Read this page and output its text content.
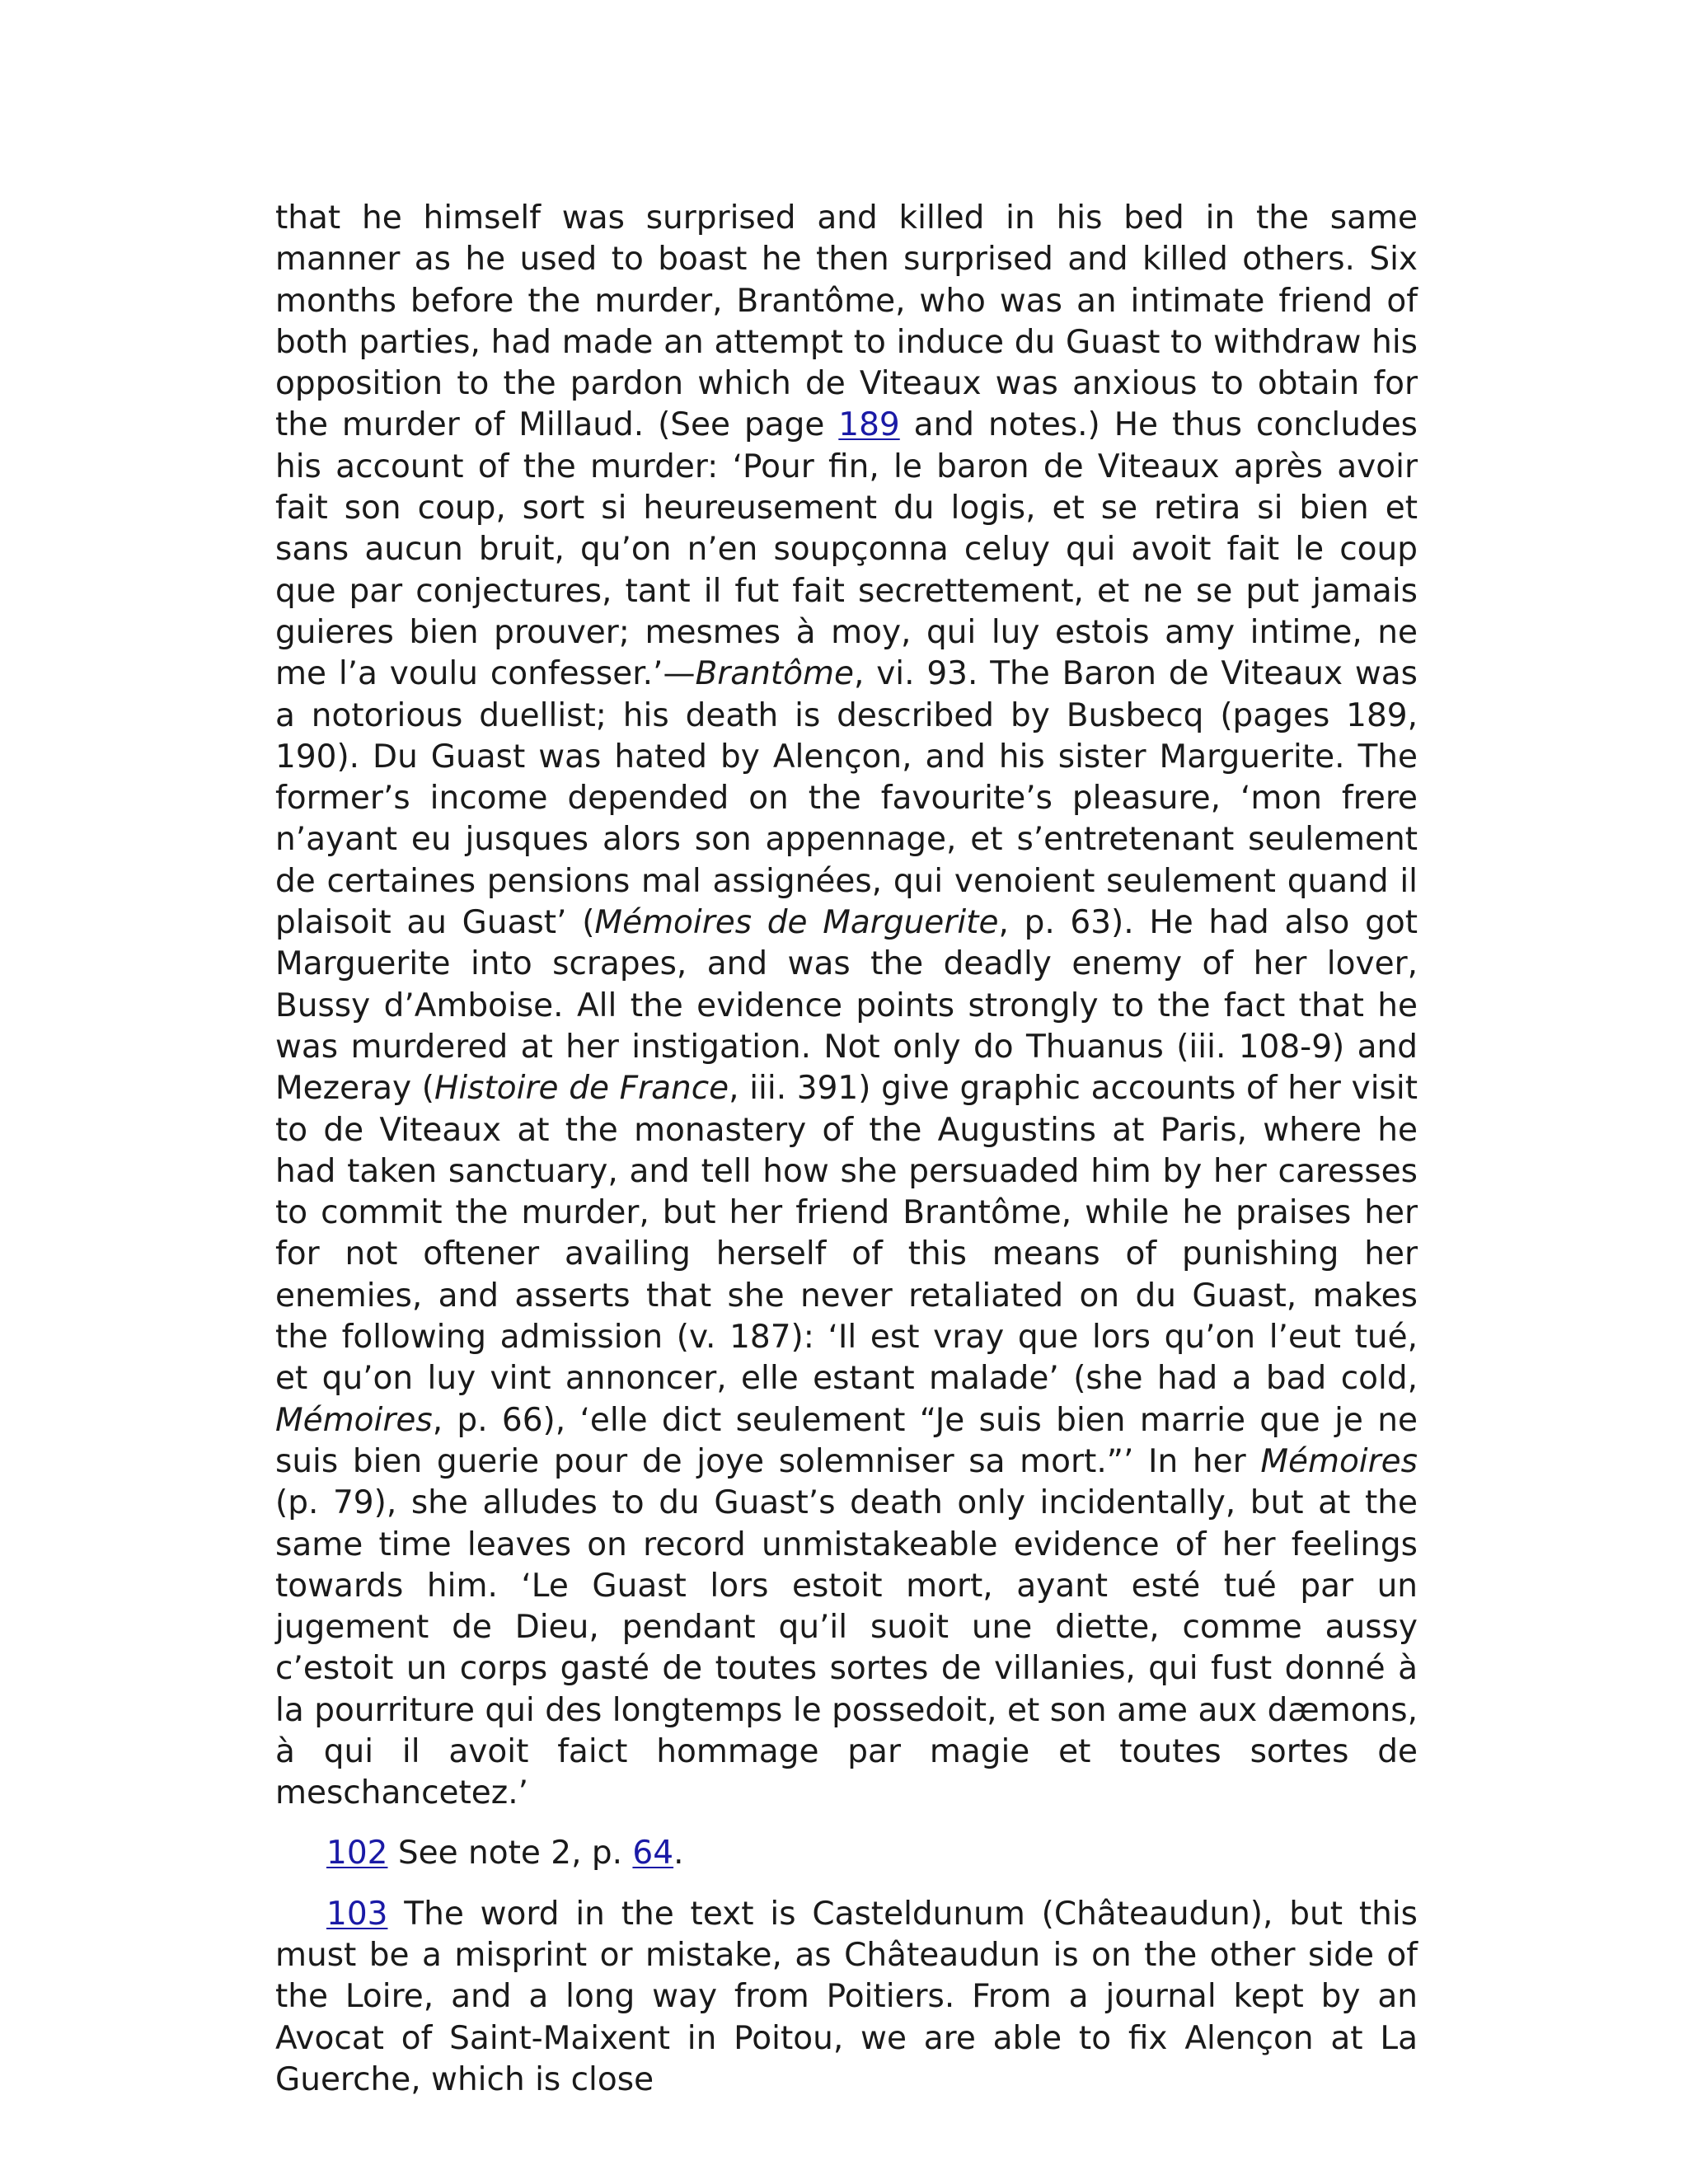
that he himself was surprised and killed in his bed in the same manner as he used to boast he then surprised and killed others. Six months before the murder, Brantôme, who was an intimate friend of both parties, had made an attempt to induce du Guast to withdraw his opposition to the pardon which de Viteaux was anxious to obtain for the murder of Millaud. (See page 189 and notes.) He thus concludes his account of the murder: ‘Pour fin, le baron de Viteaux après avoir fait son coup, sort si heureusement du logis, et se retira si bien et sans aucun bruit, qu’on n’en soupçonna celuy qui avoit fait le coup que par conjectures, tant il fut fait secrettement, et ne se put jamais guieres bien prouver; mesmes à moy, qui luy estois amy intime, ne me l’a voulu confesser.’—Brantôme, vi. 93. The Baron de Viteaux was a notorious duellist; his death is described by Busbecq (pages 189, 190). Du Guast was hated by Alençon, and his sister Marguerite. The former’s income depended on the favourite’s pleasure, ‘mon frere n’ayant eu jusques alors son appennage, et s’entretenant seulement de certaines pensions mal assignées, qui venoient seulement quand il plaisoit au Guast’ (Mémoires de Marguerite, p. 63). He had also got Marguerite into scrapes, and was the deadly enemy of her lover, Bussy d’Amboise. All the evidence points strongly to the fact that he was murdered at her instigation. Not only do Thuanus (iii. 108-9) and Mezeray (Histoire de France, iii. 391) give graphic accounts of her visit to de Viteaux at the monastery of the Augustins at Paris, where he had taken sanctuary, and tell how she persuaded him by her caresses to commit the murder, but her friend Brantôme, while he praises her for not oftener availing herself of this means of punishing her enemies, and asserts that she never retaliated on du Guast, makes the following admission (v. 187): ‘Il est vray que lors qu’on l’eut tué, et qu’on luy vint annoncer, elle estant malade’ (she had a bad cold, Mémoires, p. 66), ‘elle dict seulement “Je suis bien marrie que je ne suis bien guerie pour de joye solemniser sa mort.”’ In her Mémoires (p. 79), she alludes to du Guast’s death only incidentally, but at the same time leaves on record unmistakeable evidence of her feelings towards him. ‘Le Guast lors estoit mort, ayant esté tué par un jugement de Dieu, pendant qu’il suoit une diette, comme aussy c’estoit un corps gasté de toutes sortes de villanies, qui fust donné à la pourriture qui des longtemps le possedoit, et son ame aux dæmons, à qui il avoit faict hommage par magie et toutes sortes de meschancetez.’

102 See note 2, p. 64.

103 The word in the text is Casteldunum (Châteaudun), but this must be a misprint or mistake, as Châteaudun is on the other side of the Loire, and a long way from Poitiers. From a journal kept by an Avocat of Saint-Maixent in Poitou, we are able to fix Alençon at La Guerche, which is close
